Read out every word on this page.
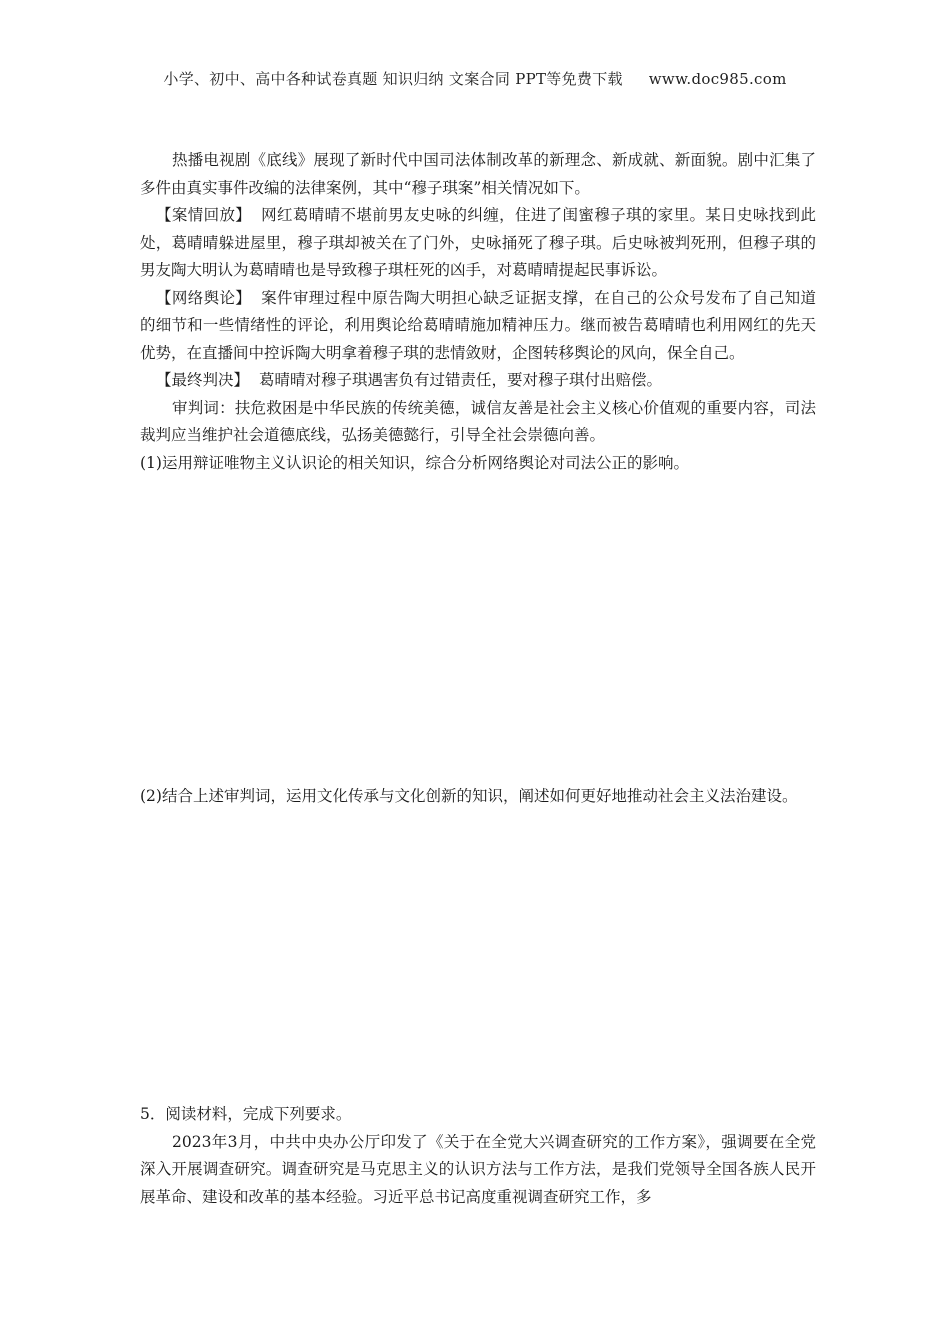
小学、初中、高中各种试卷真题 知识归纳 文案合同 PPT等免费下载 www.doc985.com

热播电视剧《底线》展现了新时代中国司法体制改革的新理念、新成就、新面貌。剧中汇集了多件由真实事件改编的法律案例，其中“穆子琪案”相关情况如下。

【案情回放】 网红葛晴晴不堪前男友史咏的纠缠，住进了闺蜜穆子琪的家里。某日史咏找到此处，葛晴晴躲进屋里，穆子琪却被关在了门外，史咏捅死了穆子琪。后史咏被判死刑，但穆子琪的男友陶大明认为葛晴晴也是导致穆子琪枉死的凶手，对葛晴晴提起民事诉讼。

【网络舆论】 案件审理过程中原告陶大明担心缺乏证据支撑，在自己的公众号发布了自己知道的细节和一些情绪性的评论，利用舆论给葛晴晴施加精神压力。继而被告葛晴晴也利用网红的先天优势，在直播间中控诉陶大明拿着穆子琪的悲情敛财，企图转移舆论的风向，保全自己。

【最终判决】 葛晴晴对穆子琪遇害负有过错责任，要对穆子琪付出赔偿。

审判词：扶危救困是中华民族的传统美德，诚信友善是社会主义核心价值观的重要内容，司法裁判应当维护社会道德底线，弘扬美德懿行，引导全社会崇德向善。

(1)运用辩证唯物主义认识论的相关知识，综合分析网络舆论对司法公正的影响。

(2)结合上述审判词，运用文化传承与文化创新的知识，阐述如何更好地推动社会主义法治建设。

5．阅读材料，完成下列要求。

2023年3月，中共中央办公厅印发了《关于在全党大兴调查研究的工作方案》，强调要在全党深入开展调查研究。调查研究是马克思主义的认识方法与工作方法，是我们党领导全国各族人民开展革命、建设和改革的基本经验。习近平总书记高度重视调查研究工作，多
